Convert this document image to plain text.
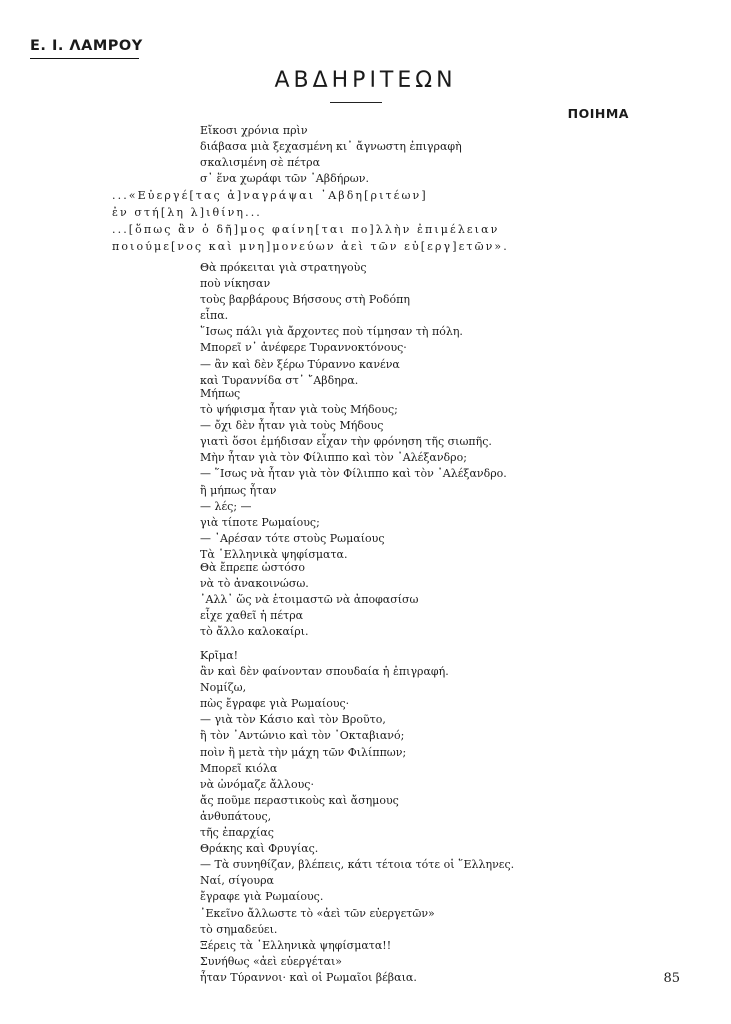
Ε. Ι. ΛΑΜΡΟΥ
ΑΒΔΗΡΙΤΕΩΝ
ΠΟΙΗΜΑ
Εἴκοσι χρόνια πρὶν
διάβασα μιὰ ξεχασμένη κι᾿ ἄγνωστη ἐπιγραφὴ
σκαλισμένη σὲ πέτρα
σ᾿ ἕνα χωράφι τῶν ᾿Αβδήρων.
...«Εὐεργέ[τας ἀ]ναγράψαι ᾿Αβδη[ριτέων]
ἐν στή[λη λ]ιθίνη...
...[ὅπως ἂν ὁ δῆ]μος φαίνη[ται πο]λλὴν ἐπιμέλειαν
ποιούμε[νος καὶ μνη]μονεύων ἀεὶ τῶν εὐ[εργ]ετῶν».
Θὰ πρόκειται γιὰ στρατηγοὺς
ποὺ νίκησαν
τοὺς βαρβάρους Βήσσους στὴ Ροδόπη
εἶπα.
῞Ισως πάλι γιὰ ἄρχοντες ποὺ τίμησαν τὴ πόλη.
Μπορεῖ ν᾿ ἀνέφερε Τυραννοκτόνους·
— ἂν καὶ δὲν ξέρω Τύραννο κανένα
καὶ Τυραννίδα στ᾿ ῎Αβδηρα.
Μήπως
τὸ ψήφισμα ἦταν γιὰ τοὺς Μήδους;
— ὄχι δὲν ἦταν γιὰ τοὺς Μήδους
γιατὶ ὅσοι ἐμήδισαν εἶχαν τὴν φρόνηση τῆς σιωπῆς.
Μὴν ἦταν γιὰ τὸν Φίλιππο καὶ τὸν ᾿Αλέξανδρο;
— ῞Ισως νὰ ἦταν γιὰ τὸν Φίλιππο καὶ τὸν ᾿Αλέξανδρο.
ἢ μήπως ἦταν
— λές; —
γιὰ τίποτε Ρωμαίους;
— ᾿Αρέσαν τότε στοὺς Ρωμαίους
Τὰ ῾Ελληνικὰ ψηφίσματα.
Θὰ ἔπρεπε ὡστόσο
νὰ τὸ ἀνακοινώσω.
᾿Αλλ᾿ ὥς νὰ ἑτοιμαστῶ νὰ ἀποφασίσω
εἶχε χαθεῖ ἡ πέτρα
τὸ ἄλλο καλοκαίρι.
Κρῖμα!
ἂν καὶ δὲν φαίνονταν σπουδαία ἡ ἐπιγραφή.
Νομίζω,
πὼς ἔγραφε γιὰ Ρωμαίους·
— γιὰ τὸν Κάσιο καὶ τὸν Βροῦτο,
ἢ τὸν ᾿Αντώνιο καὶ τὸν ᾿Οκταβιανό;
ποὶν ἢ μετὰ τὴν μάχη τῶν Φιλίππων;
Μπορεῖ κιόλα
νὰ ὠνόμαζε ἄλλους·
ἄς ποῦμε περαστικοὺς καὶ ἄσημους
ἀνθυπάτους,
τῆς ἐπαρχίας
Θράκης καὶ Φρυγίας.
— Τὰ συνηθίζαν, βλέπεις, κάτι τέτοια τότε οἱ ῞Ελληνες.
Ναί, σίγουρα
ἔγραφε γιὰ Ρωμαίους.
᾿Εκεῖνο ἄλλωστε τὸ «ἀεὶ τῶν εὐεργετῶν»
τὸ σημαδεύει.
Ξέρεις τὰ ῾Ελληνικὰ ψηφίσματα!!
Συνήθως «ἀεὶ εὐεργέται»
ἦταν Τύραννοι· καὶ οἱ Ρωμαῖοι βέβαια.	85
